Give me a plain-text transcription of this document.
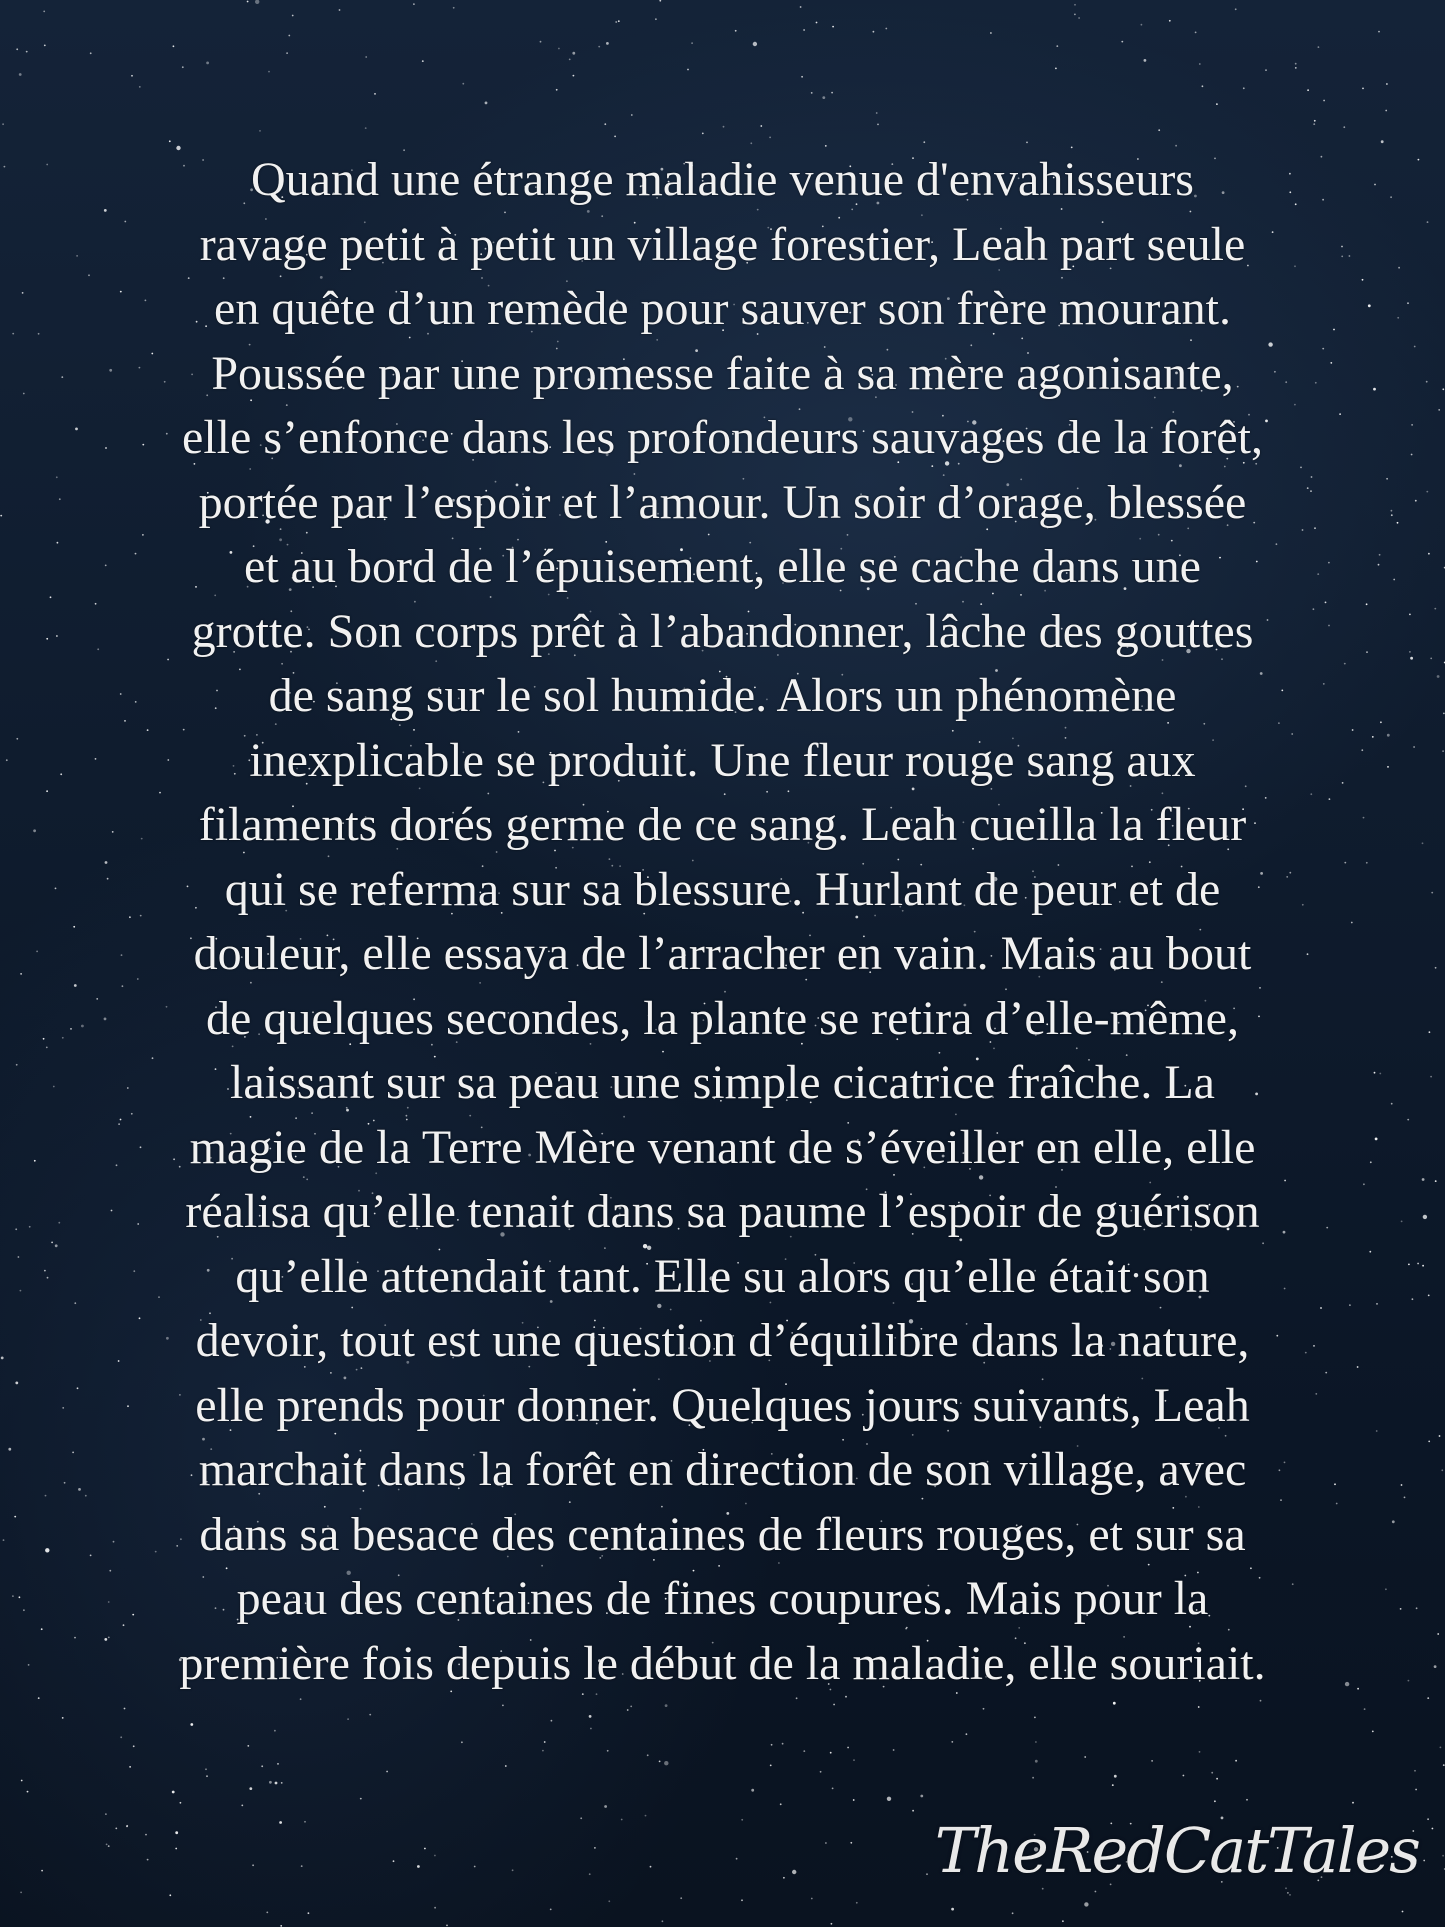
Quand une étrange maladie venue d'envahisseurs
ravage petit à petit un village forestier, Leah part seule
en quête d’un remède pour sauver son frère mourant.
Poussée par une promesse faite à sa mère agonisante,
elle s’enfonce dans les profondeurs sauvages de la forêt,
portée par l’espoir et l’amour. Un soir d’orage, blessée
et au bord de l’épuisement, elle se cache dans une
grotte. Son corps prêt à l’abandonner, lâche des gouttes
de sang sur le sol humide. Alors un phénomène
inexplicable se produit. Une fleur rouge sang aux
filaments dorés germe de ce sang. Leah cueilla la fleur
qui se referma sur sa blessure. Hurlant de peur et de
douleur, elle essaya de l’arracher en vain. Mais au bout
de quelques secondes, la plante se retira d’elle-même,
laissant sur sa peau une simple cicatrice fraîche. La
magie de la Terre Mère venant de s’éveiller en elle, elle
réalisa qu’elle tenait dans sa paume l’espoir de guérison
qu’elle attendait tant. Elle su alors qu’elle était son
devoir, tout est une question d’équilibre dans la nature,
elle prends pour donner. Quelques jours suivants, Leah
marchait dans la forêt en direction de son village, avec
dans sa besace des centaines de fleurs rouges, et sur sa
peau des centaines de fines coupures. Mais pour la
première fois depuis le début de la maladie, elle souriait.

TheRedCatTales
